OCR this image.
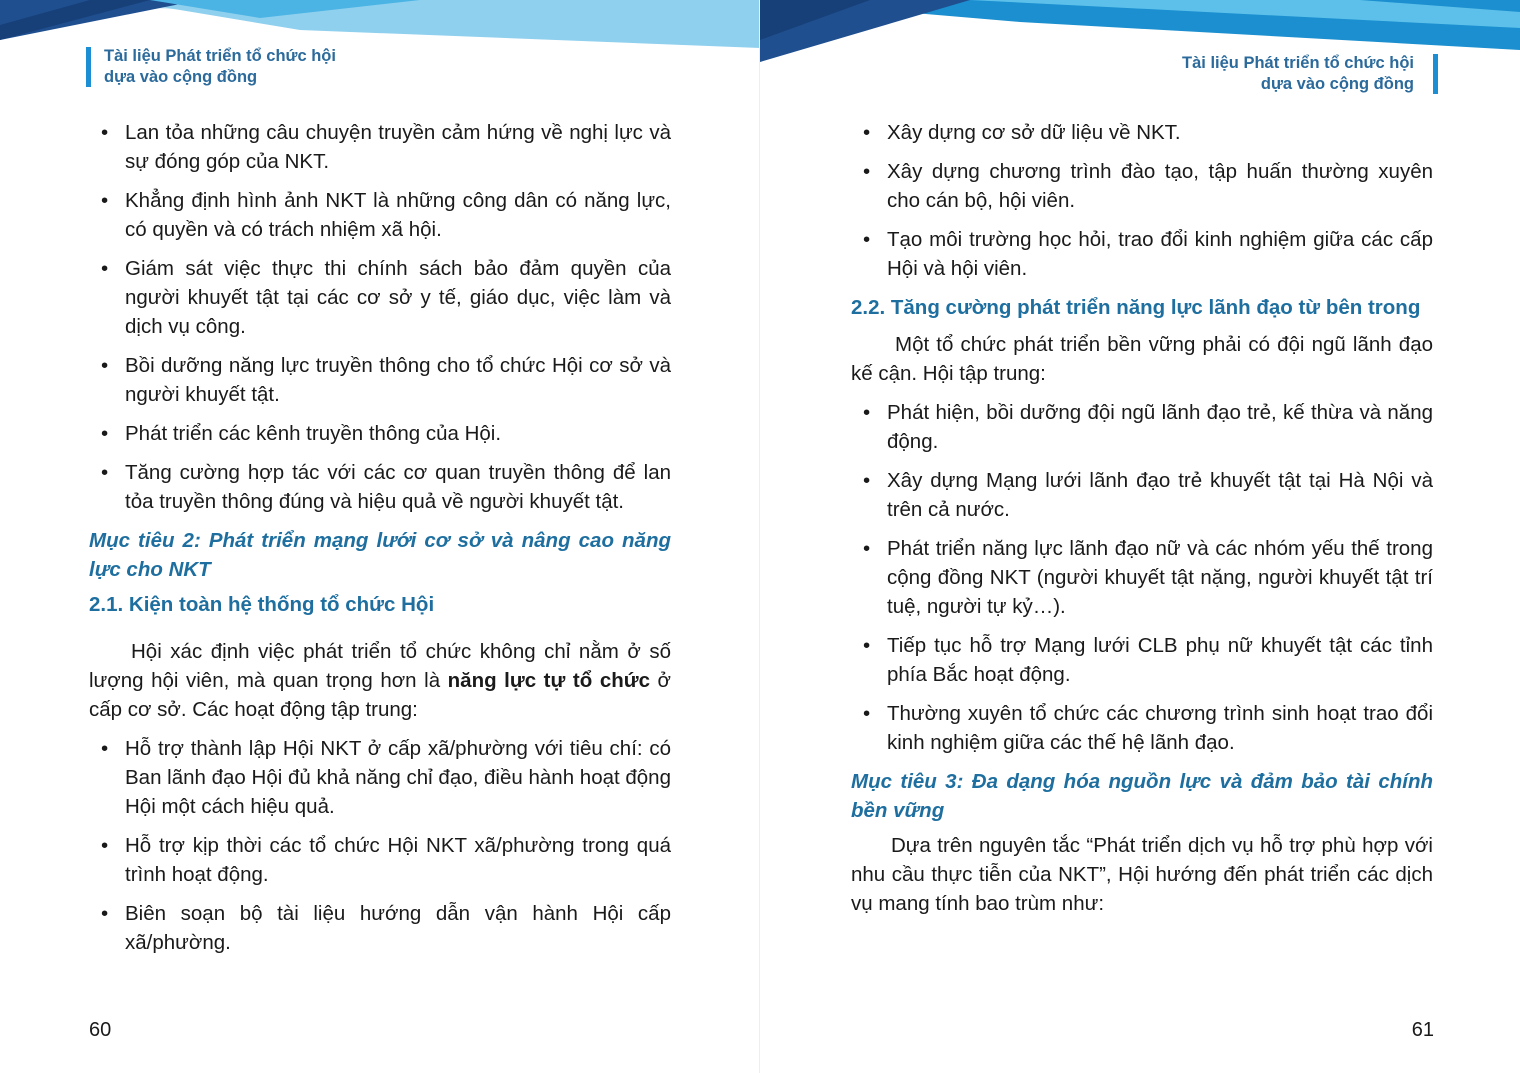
Tài liệu Phát triển tổ chức hội
dựa vào cộng đồng
• Lan tỏa những câu chuyện truyền cảm hứng về nghị lực và sự đóng góp của NKT.
• Khẳng định hình ảnh NKT là những công dân có năng lực, có quyền và có trách nhiệm xã hội.
• Giám sát việc thực thi chính sách bảo đảm quyền của người khuyết tật tại các cơ sở y tế, giáo dục, việc làm và dịch vụ công.
• Bồi dưỡng năng lực truyền thông cho tổ chức Hội cơ sở và người khuyết tật.
• Phát triển các kênh truyền thông của Hội.
• Tăng cường hợp tác với các cơ quan truyền thông để lan tỏa truyền thông đúng và hiệu quả về người khuyết tật.
Mục tiêu 2: Phát triển mạng lưới cơ sở và nâng cao năng lực cho NKT
2.1. Kiện toàn hệ thống tổ chức Hội

Hội xác định việc phát triển tổ chức không chỉ nằm ở số lượng hội viên, mà quan trọng hơn là năng lực tự tổ chức ở cấp cơ sở. Các hoạt động tập trung:

• Hỗ trợ thành lập Hội NKT ở cấp xã/phường với tiêu chí: có Ban lãnh đạo Hội đủ khả năng chỉ đạo, điều hành hoạt động Hội một cách hiệu quả.
• Hỗ trợ kịp thời các tổ chức Hội NKT xã/phường trong quá trình hoạt động.
• Biên soạn bộ tài liệu hướng dẫn vận hành Hội cấp xã/phường.
60
Tài liệu Phát triển tổ chức hội
dựa vào cộng đồng
• Xây dựng cơ sở dữ liệu về NKT.
• Xây dựng chương trình đào tạo, tập huấn thường xuyên cho cán bộ, hội viên.
• Tạo môi trường học hỏi, trao đổi kinh nghiệm giữa các cấp Hội và hội viên.
2.2. Tăng cường phát triển năng lực lãnh đạo từ bên trong

Một tổ chức phát triển bền vững phải có đội ngũ lãnh đạo kế cận. Hội tập trung:

• Phát hiện, bồi dưỡng đội ngũ lãnh đạo trẻ, kế thừa và năng động.
• Xây dựng Mạng lưới lãnh đạo trẻ khuyết tật tại Hà Nội và trên cả nước.
• Phát triển năng lực lãnh đạo nữ và các nhóm yếu thế trong cộng đồng NKT (người khuyết tật nặng, người khuyết tật trí tuệ, người tự kỷ…).
• Tiếp tục hỗ trợ Mạng lưới CLB phụ nữ khuyết tật các tỉnh phía Bắc hoạt động.
• Thường xuyên tổ chức các chương trình sinh hoạt trao đổi kinh nghiệm giữa các thế hệ lãnh đạo.
Mục tiêu 3: Đa dạng hóa nguồn lực và đảm bảo tài chính bền vững

Dựa trên nguyên tắc “Phát triển dịch vụ hỗ trợ phù hợp với nhu cầu thực tiễn của NKT”, Hội hướng đến phát triển các dịch vụ mang tính bao trùm như:

61
